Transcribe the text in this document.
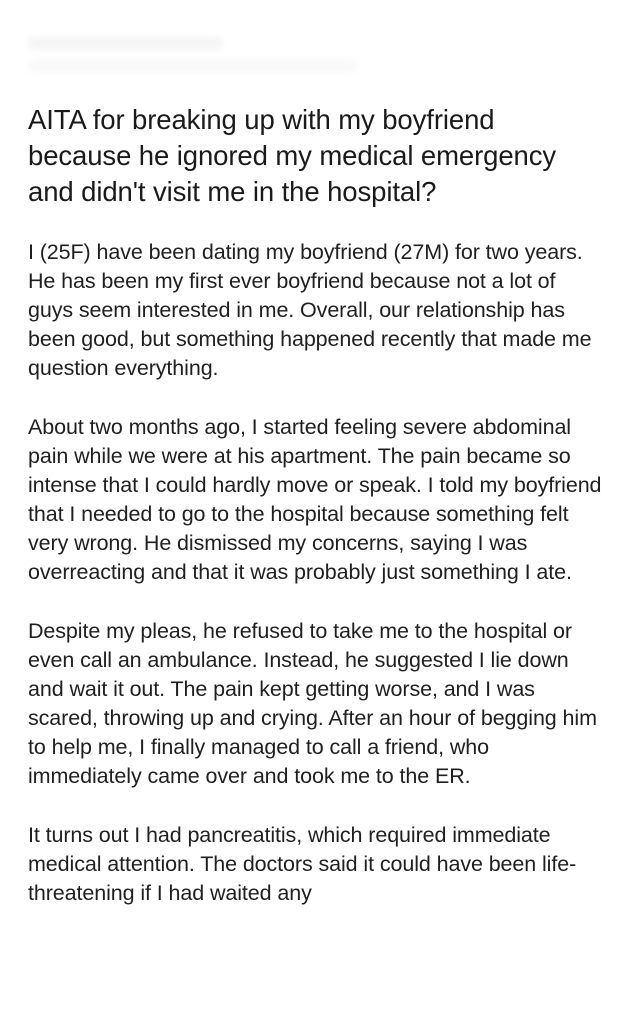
AITA for breaking up with my boyfriend because he ignored my medical emergency and didn't visit me in the hospital?

I (25F) have been dating my boyfriend (27M) for two years. He has been my first ever boyfriend because not a lot of guys seem interested in me. Overall, our relationship has been good, but something happened recently that made me question everything.

About two months ago, I started feeling severe abdominal pain while we were at his apartment. The pain became so intense that I could hardly move or speak. I told my boyfriend that I needed to go to the hospital because something felt very wrong. He dismissed my concerns, saying I was overreacting and that it was probably just something I ate.

Despite my pleas, he refused to take me to the hospital or even call an ambulance. Instead, he suggested I lie down and wait it out. The pain kept getting worse, and I was scared, throwing up and crying. After an hour of begging him to help me, I finally managed to call a friend, who immediately came over and took me to the ER.

It turns out I had pancreatitis, which required immediate medical attention. The doctors said it could have been life-threatening if I had waited any
